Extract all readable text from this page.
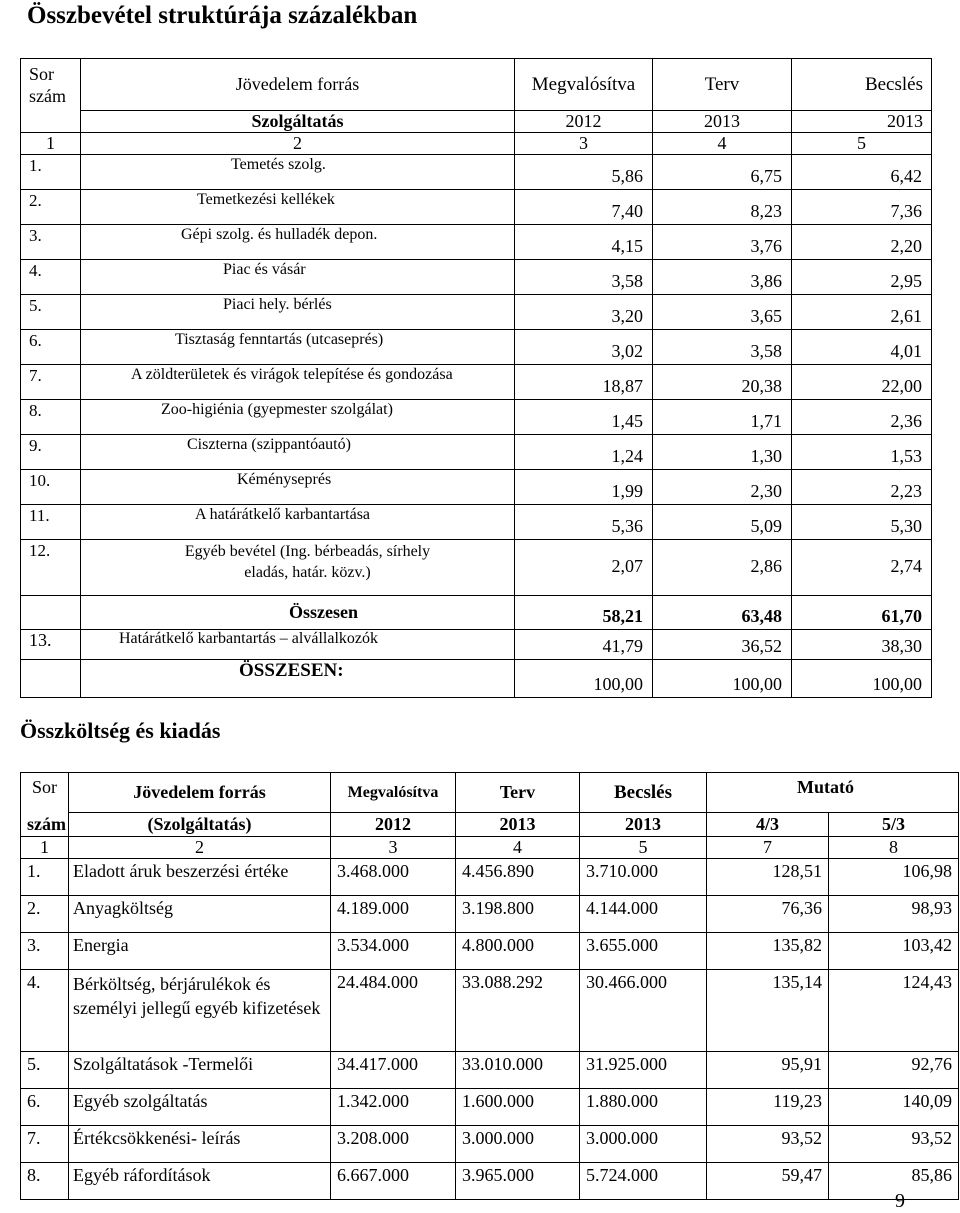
Összbevétel struktúrája százalékban
Sor
szám	Jövedelem forrás	Megvalósítva	Terv	Becslés
	Szolgáltatás	2012	2013	2013
1	2	3	4	5
1.	Temetés szolg.	5,86	6,75	6,42
2.	Temetkezési kellékek	7,40	8,23	7,36
3.	Gépi szolg. és hulladék depon.	4,15	3,76	2,20
4.	Piac és vásár	3,58	3,86	2,95
5.	Piaci hely. bérlés	3,20	3,65	2,61
6.	Tisztaság fenntartás (utcaseprés)	3,02	3,58	4,01
7.	A zöldterületek és virágok telepítése és gondozása	18,87	20,38	22,00
8.	Zoo-higiénia (gyepmester szolgálat)	1,45	1,71	2,36
9.	Ciszterna (szippantóautó)	1,24	1,30	1,53
10.	Kéményseprés	1,99	2,30	2,23
11.	A határátkelő karbantartása	5,36	5,09	5,30
12.	Egyéb bevétel (Ing. bérbeadás, sírhely eladás, határ. közv.)	2,07	2,86	2,74
	Összesen	58,21	63,48	61,70
13.	Határátkelő karbantartás – alvállalkozók	41,79	36,52	38,30
	ÖSSZESEN:	100,00	100,00	100,00
Összköltség és kiadás
Sor	Jövedelem forrás	Megvalósítva	Terv	Becslés	Mutató	
szám	(Szolgáltatás)	2012	2013	2013	4/3	5/3
1	2	3	4	5	7	8
1.	Eladott áruk beszerzési értéke	3.468.000	4.456.890	3.710.000	128,51	106,98
2.	Anyagköltség	4.189.000	3.198.800	4.144.000	76,36	98,93
3.	Energia	3.534.000	4.800.000	3.655.000	135,82	103,42
4.	Bérköltség, bérjárulékok és személyi jellegű egyéb kifizetések	24.484.000	33.088.292	30.466.000	135,14	124,43
5.	Szolgáltatások -Termelői	34.417.000	33.010.000	31.925.000	95,91	92,76
6.	Egyéb szolgáltatás	1.342.000	1.600.000	1.880.000	119,23	140,09
7.	Értékcsökkenési- leírás	3.208.000	3.000.000	3.000.000	93,52	93,52
8.	Egyéb ráfordítások	6.667.000	3.965.000	5.724.000	59,47	85,86
9
